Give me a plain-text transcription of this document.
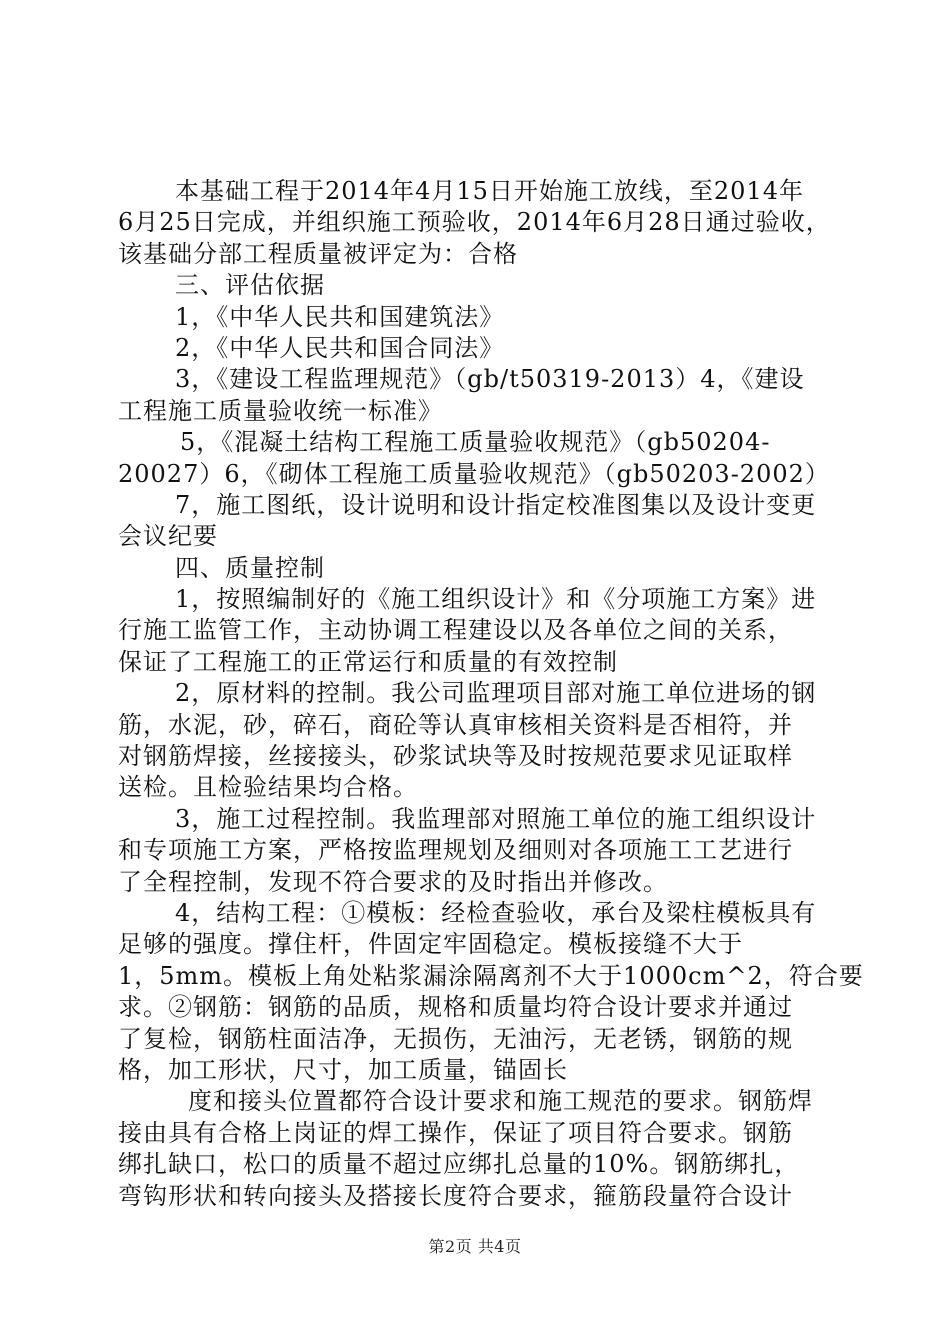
本基础工程于2014年4月15日开始施工放线，至2014年
6月25日完成，并组织施工预验收，2014年6月28日通过验收，
该基础分部工程质量被评定为：合格
三、评估依据
1，《中华人民共和国建筑法》
2，《中华人民共和国合同法》
3，《建设工程监理规范》（gb/t50319-2013）4，《建设
工程施工质量验收统一标准》
5，《混凝土结构工程施工质量验收规范》（gb50204-
20027）6，《砌体工程施工质量验收规范》（gb50203-2002）
7，施工图纸，设计说明和设计指定校准图集以及设计变更
会议纪要
四、质量控制
1，按照编制好的《施工组织设计》和《分项施工方案》进
行施工监管工作，主动协调工程建设以及各单位之间的关系，
保证了工程施工的正常运行和质量的有效控制
2，原材料的控制。我公司监理项目部对施工单位进场的钢
筋，水泥，砂，碎石，商砼等认真审核相关资料是否相符，并
对钢筋焊接，丝接接头，砂浆试块等及时按规范要求见证取样
送检。且检验结果均合格。
3，施工过程控制。我监理部对照施工单位的施工组织设计
和专项施工方案，严格按监理规划及细则对各项施工工艺进行
了全程控制，发现不符合要求的及时指出并修改。
4，结构工程：①模板：经检查验收，承台及梁柱模板具有
足够的强度。撑住杆，件固定牢固稳定。模板接缝不大于
1，5mm。模板上角处粘浆漏涂隔离剂不大于1000cm^2，符合要
求。②钢筋：钢筋的品质，规格和质量均符合设计要求并通过
了复检，钢筋柱面洁净，无损伤，无油污，无老锈，钢筋的规
格，加工形状，尺寸，加工质量，锚固长
度和接头位置都符合设计要求和施工规范的要求。钢筋焊
接由具有合格上岗证的焊工操作，保证了项目符合要求。钢筋
绑扎缺口，松口的质量不超过应绑扎总量的10%。钢筋绑扎，
弯钩形状和转向接头及搭接长度符合要求，箍筋段量符合设计
第2页 共4页
